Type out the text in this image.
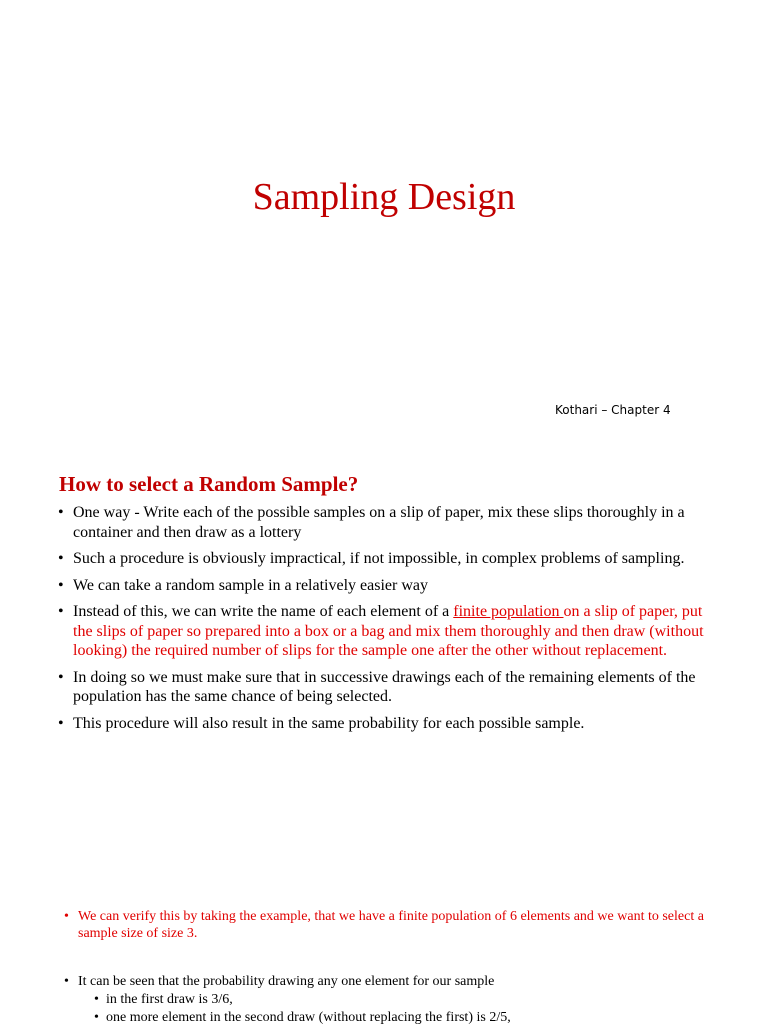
Sampling Design
Kothari – Chapter 4
How to select a Random Sample?
• One way - Write each of the possible samples on a slip of paper, mix these slips thoroughly in a container and then draw as a lottery
• Such a procedure is obviously impractical, if not impossible, in complex problems of sampling.
• We can take a random sample in a relatively easier way
• Instead of this, we can write the name of each element of a finite population on a slip of paper, put the slips of paper so prepared into a box or a bag and mix them thoroughly and then draw (without looking) the required number of slips for the sample one after the other without replacement.
• In doing so we must make sure that in successive drawings each of the remaining elements of the population has the same chance of being selected.
• This procedure will also result in the same probability for each possible sample.
• We can verify this by taking the example, that we have a finite population of 6 elements and we want to select a sample size of size 3.
• It can be seen that the probability drawing any one element for our sample
• in the first draw is 3/6,
• one more element in the second draw (without replacing the first) is 2/5,
